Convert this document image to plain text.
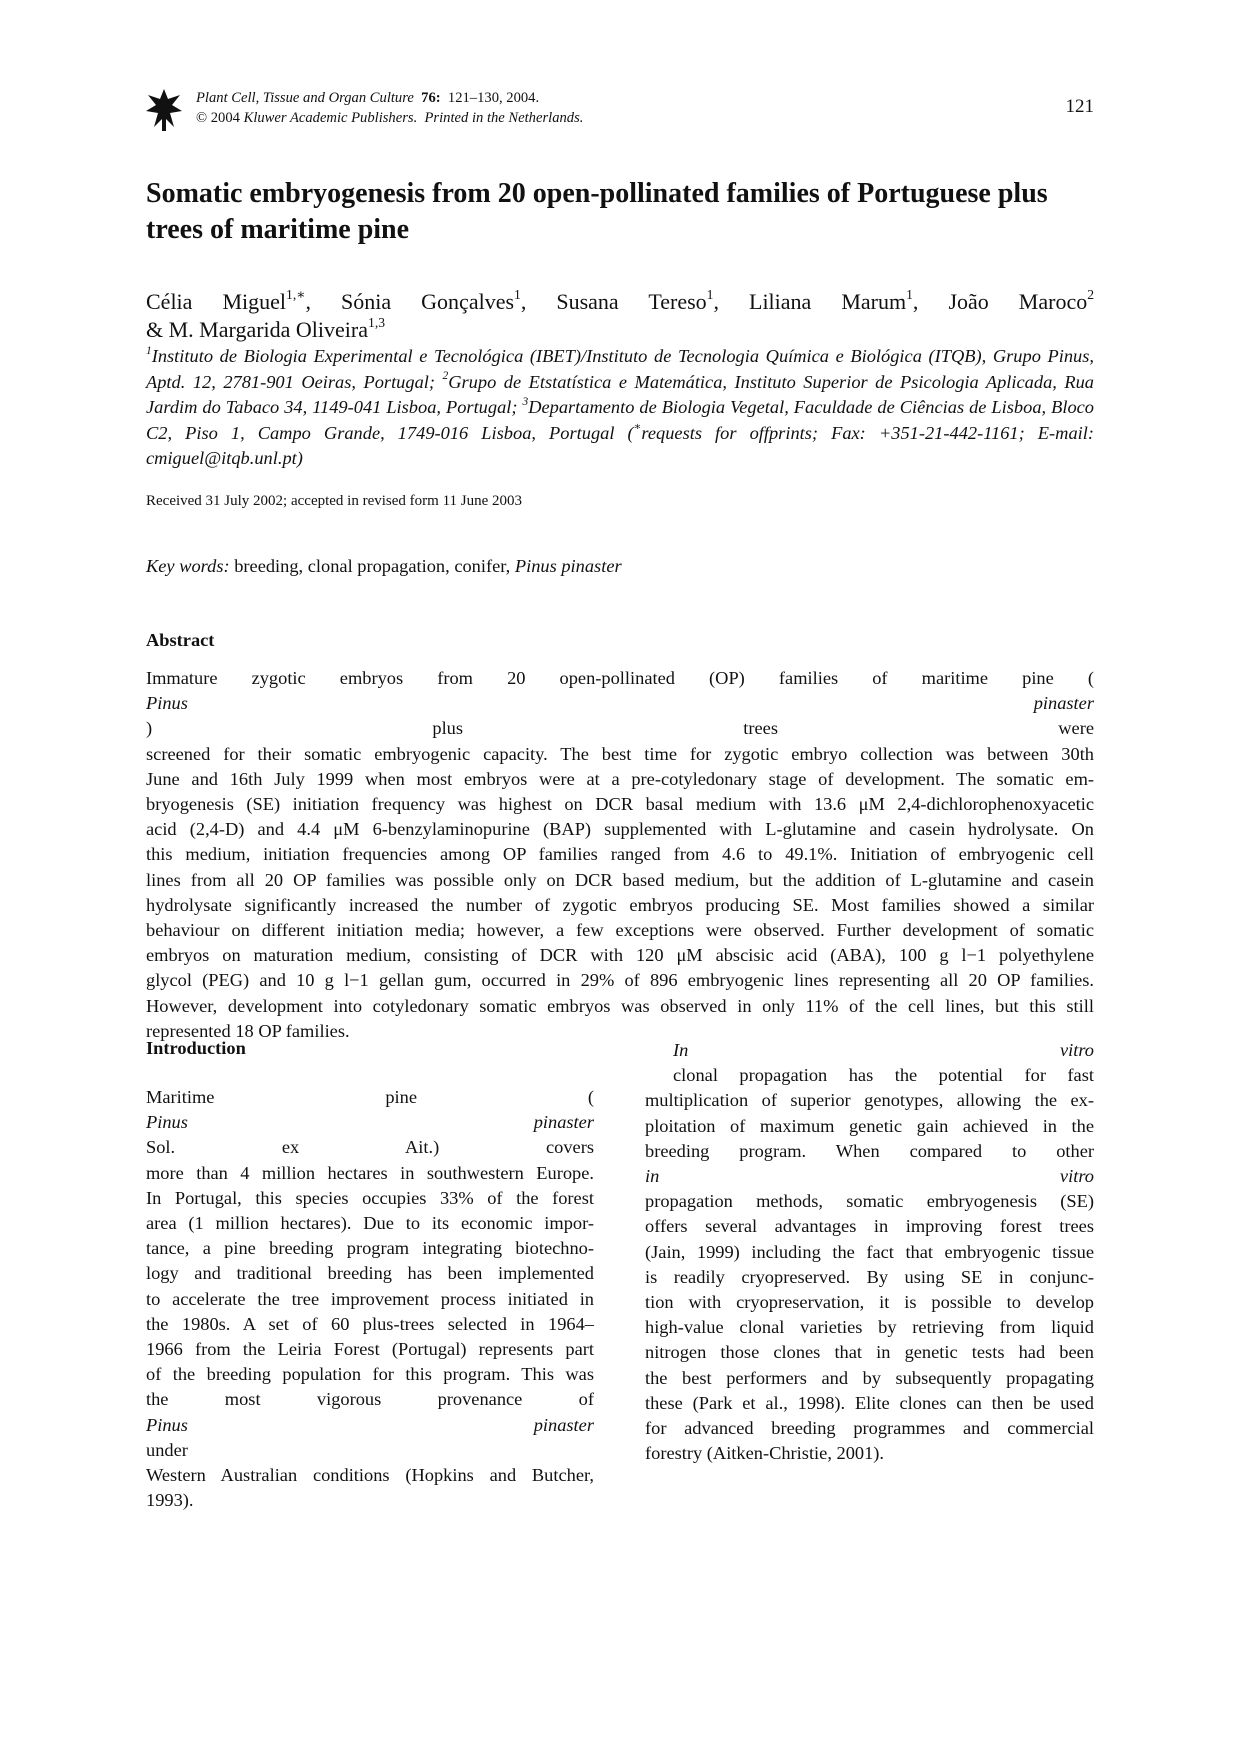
Plant Cell, Tissue and Organ Culture 76: 121–130, 2004.
© 2004 Kluwer Academic Publishers. Printed in the Netherlands.
121
Somatic embryogenesis from 20 open-pollinated families of Portuguese plus trees of maritime pine
Célia Miguel$^{1,∗}$, Sónia Gonçalves$^1$, Susana Tereso$^1$, Liliana Marum$^1$, João Maroco$^2$
& M. Margarida Oliveira$^{1,3}$
$^1$Instituto de Biologia Experimental e Tecnológica (IBET)/Instituto de Tecnologia Química e Biológica (ITQB), Grupo Pinus, Aptd. 12, 2781-901 Oeiras, Portugal; $^2$Grupo de Etstatística e Matemática, Instituto Superior de Psicologia Aplicada, Rua Jardim do Tabaco 34, 1149-041 Lisboa, Portugal; $^3$Departamento de Biologia Vegetal, Faculdade de Ciências de Lisboa, Bloco C2, Piso 1, Campo Grande, 1749-016 Lisboa, Portugal (∗requests for offprints; Fax: +351-21-442-1161; E-mail: cmiguel@itqb.unl.pt)
Received 31 July 2002; accepted in revised form 11 June 2003
Key words: breeding, clonal propagation, conifer, Pinus pinaster
Abstract
Immature zygotic embryos from 20 open-pollinated (OP) families of maritime pine (
Pinus pinaster
) plus trees were
screened for their somatic embryogenic capacity. The best time for zygotic embryo collection was between 30th
June and 16th July 1999 when most embryos were at a pre-cotyledonary stage of development. The somatic em-
bryogenesis (SE) initiation frequency was highest on DCR basal medium with 13.6 μM 2,4-dichlorophenoxyacetic
acid (2,4-D) and 4.4 μM 6-benzylaminopurine (BAP) supplemented with L-glutamine and casein hydrolysate. On
this medium, initiation frequencies among OP families ranged from 4.6 to 49.1%. Initiation of embryogenic cell
lines from all 20 OP families was possible only on DCR based medium, but the addition of L-glutamine and casein
hydrolysate significantly increased the number of zygotic embryos producing SE. Most families showed a similar
behaviour on different initiation media; however, a few exceptions were observed. Further development of somatic
embryos on maturation medium, consisting of DCR with 120 μM abscisic acid (ABA), 100 g l−1 polyethylene
glycol (PEG) and 10 g l−1 gellan gum, occurred in 29% of 896 embryogenic lines representing all 20 OP families.
However, development into cotyledonary somatic embryos was observed in only 11% of the cell lines, but this still
represented 18 OP families.
Introduction
Maritime pine (
Pinus pinaster
Sol. ex Ait.) covers
more than 4 million hectares in southwestern Europe.
In Portugal, this species occupies 33% of the forest
area (1 million hectares). Due to its economic impor-
tance, a pine breeding program integrating biotechno-
logy and traditional breeding has been implemented
to accelerate the tree improvement process initiated in
the 1980s. A set of 60 plus-trees selected in 1964–
1966 from the Leiria Forest (Portugal) represents part
of the breeding population for this program. This was
the most vigorous provenance of
Pinus pinaster
under
Western Australian conditions (Hopkins and Butcher,
1993).
In vitro
clonal propagation has the potential for fast
multiplication of superior genotypes, allowing the ex-
ploitation of maximum genetic gain achieved in the
breeding program. When compared to other
in vitro
propagation methods, somatic embryogenesis (SE)
offers several advantages in improving forest trees
(Jain, 1999) including the fact that embryogenic tissue
is readily cryopreserved. By using SE in conjunc-
tion with cryopreservation, it is possible to develop
high-value clonal varieties by retrieving from liquid
nitrogen those clones that in genetic tests had been
the best performers and by subsequently propagating
these (Park et al., 1998). Elite clones can then be used
for advanced breeding programmes and commercial
forestry (Aitken-Christie, 2001).
